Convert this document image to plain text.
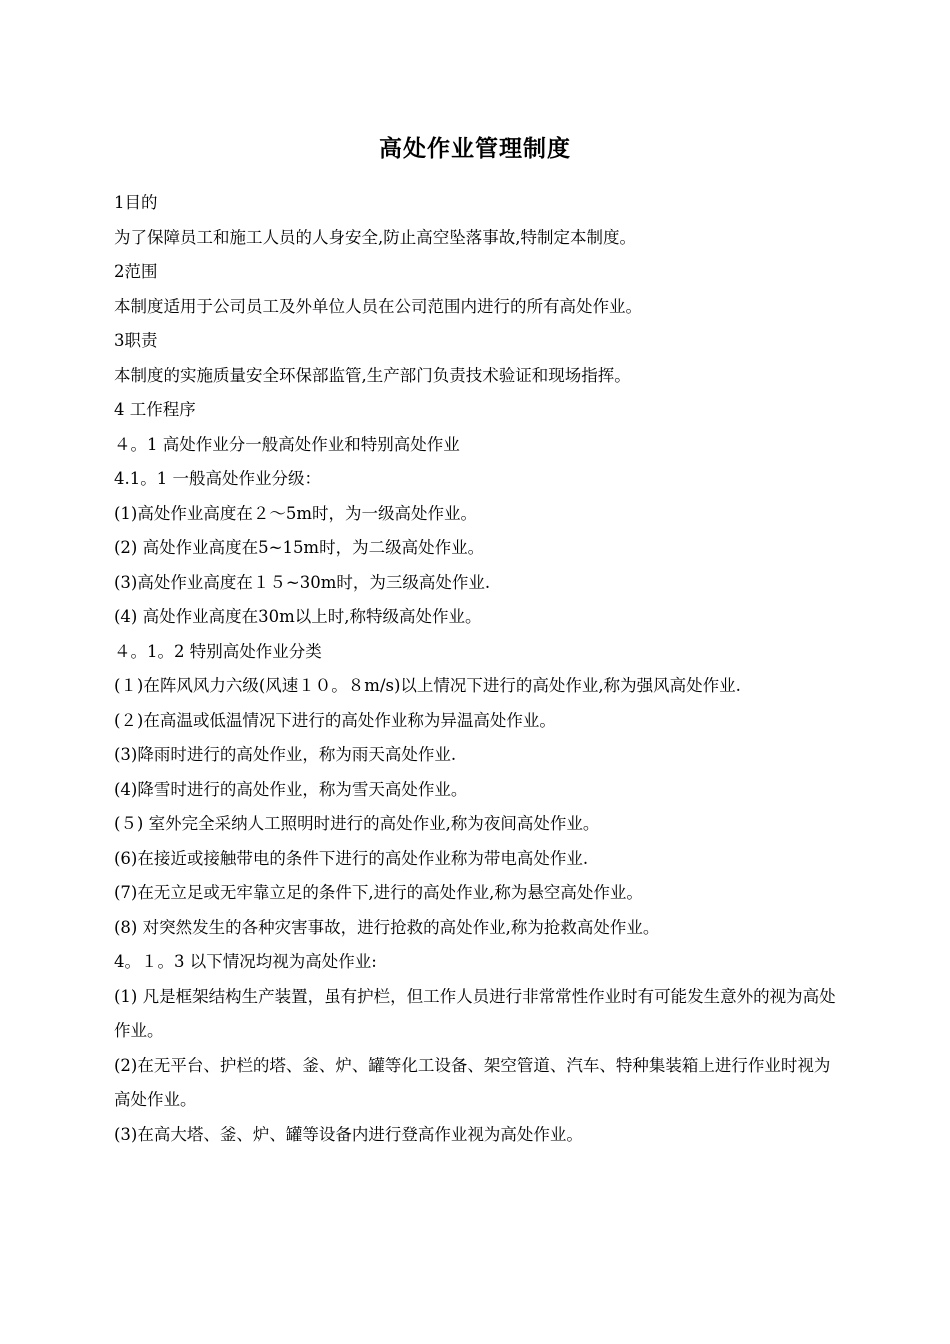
高处作业管理制度

1目的

为了保障员工和施工人员的人身安全,防止高空坠落事故,特制定本制度。

2范围

本制度适用于公司员工及外单位人员在公司范围内进行的所有高处作业。

3职责

本制度的实施质量安全环保部监管,生产部门负责技术验证和现场指挥。

4 工作程序

４。1 高处作业分一般高处作业和特别高处作业

4.1。1 一般高处作业分级：

(1)高处作业高度在２～5m时，为一级高处作业。

(2) 高处作业高度在5~15m时，为二级高处作业。

(3)高处作业高度在１５~30m时，为三级高处作业.

(4) 高处作业高度在30m以上时,称特级高处作业。

４。1。2 特别高处作业分类

(１)在阵风风力六级(风速１０。８m/s)以上情况下进行的高处作业,称为强风高处作业.

(２)在高温或低温情况下进行的高处作业称为异温高处作业。

(3)降雨时进行的高处作业，称为雨天高处作业.

(4)降雪时进行的高处作业，称为雪天高处作业。

(５) 室外完全采纳人工照明时进行的高处作业,称为夜间高处作业。

(6)在接近或接触带电的条件下进行的高处作业称为带电高处作业.

(7)在无立足或无牢靠立足的条件下,进行的高处作业,称为悬空高处作业。

(8) 对突然发生的各种灾害事故，进行抢救的高处作业,称为抢救高处作业。

4。１。3 以下情况均视为高处作业:

(1) 凡是框架结构生产装置，虽有护栏，但工作人员进行非常常性作业时有可能发生意外的视为高处作业。

(2)在无平台、护栏的塔、釜、炉、罐等化工设备、架空管道、汽车、特种集装箱上进行作业时视为高处作业。

(3)在高大塔、釜、炉、罐等设备内进行登高作业视为高处作业。
